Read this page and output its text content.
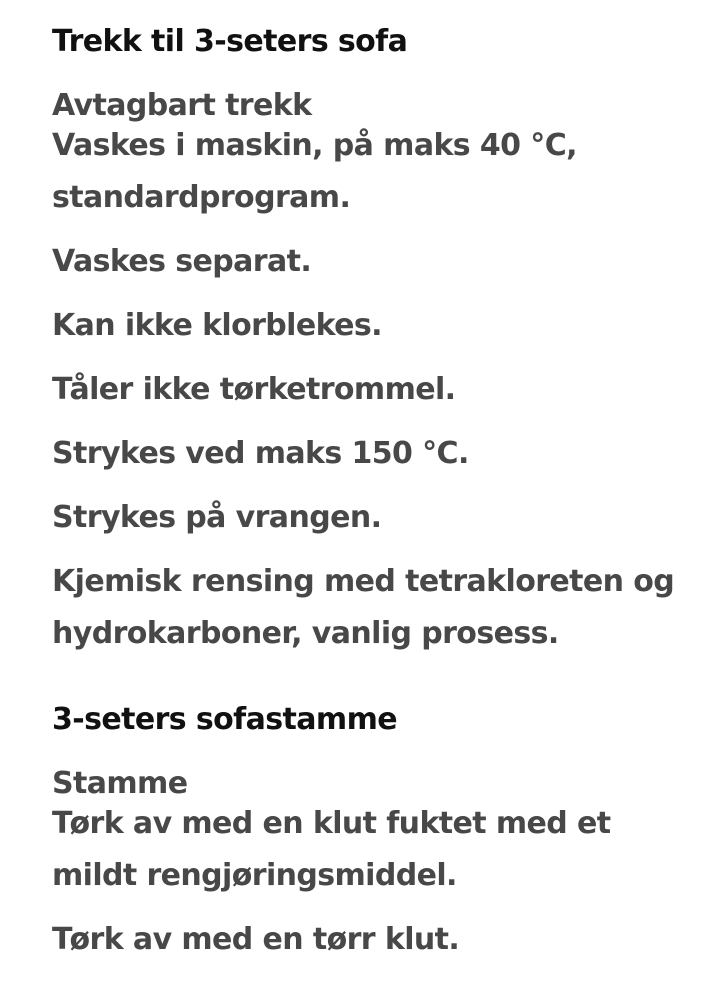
Trekk til 3-seters sofa
Avtagbart trekk
Vaskes i maskin, på maks 40 °C, standardprogram.
Vaskes separat.
Kan ikke klorblekes.
Tåler ikke tørketrommel.
Strykes ved maks 150 °C.
Strykes på vrangen.
Kjemisk rensing med tetrakloreten og hydrokarboner, vanlig prosess.
3-seters sofastamme
Stamme
Tørk av med en klut fuktet med et mildt rengjøringsmiddel.
Tørk av med en tørr klut.
